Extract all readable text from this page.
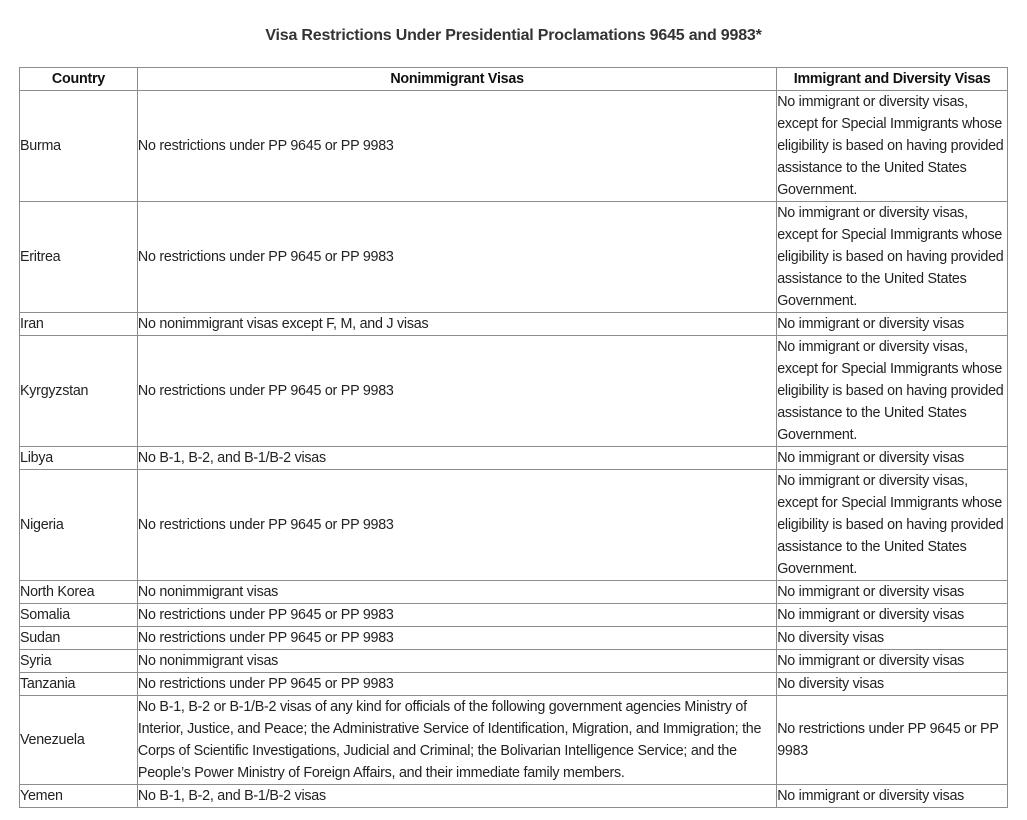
Visa Restrictions Under Presidential Proclamations 9645 and 9983*
Country	Nonimmigrant Visas	Immigrant and Diversity Visas
Burma	No restrictions under PP 9645 or PP 9983	No immigrant or diversity visas, except for Special Immigrants whose eligibility is based on having provided assistance to the United States Government.
Eritrea	No restrictions under PP 9645 or PP 9983	No immigrant or diversity visas, except for Special Immigrants whose eligibility is based on having provided assistance to the United States Government.
Iran	No nonimmigrant visas except F, M, and J visas	No immigrant or diversity visas
Kyrgyzstan	No restrictions under PP 9645 or PP 9983	No immigrant or diversity visas, except for Special Immigrants whose eligibility is based on having provided assistance to the United States Government.
Libya	No B-1, B-2, and B-1/B-2 visas	No immigrant or diversity visas
Nigeria	No restrictions under PP 9645 or PP 9983	No immigrant or diversity visas, except for Special Immigrants whose eligibility is based on having provided assistance to the United States Government.
North Korea	No nonimmigrant visas	No immigrant or diversity visas
Somalia	No restrictions under PP 9645 or PP 9983	No immigrant or diversity visas
Sudan	No restrictions under PP 9645 or PP 9983	No diversity visas
Syria	No nonimmigrant visas	No immigrant or diversity visas
Tanzania	No restrictions under PP 9645 or PP 9983	No diversity visas
Venezuela	No B-1, B-2 or B-1/B-2 visas of any kind for officials of the following government agencies Ministry of Interior, Justice, and Peace; the Administrative Service of Identification, Migration, and Immigration; the Corps of Scientific Investigations, Judicial and Criminal; the Bolivarian Intelligence Service; and the People’s Power Ministry of Foreign Affairs, and their immediate family members.	No restrictions under PP 9645 or PP 9983
Yemen	No B-1, B-2, and B-1/B-2 visas	No immigrant or diversity visas
